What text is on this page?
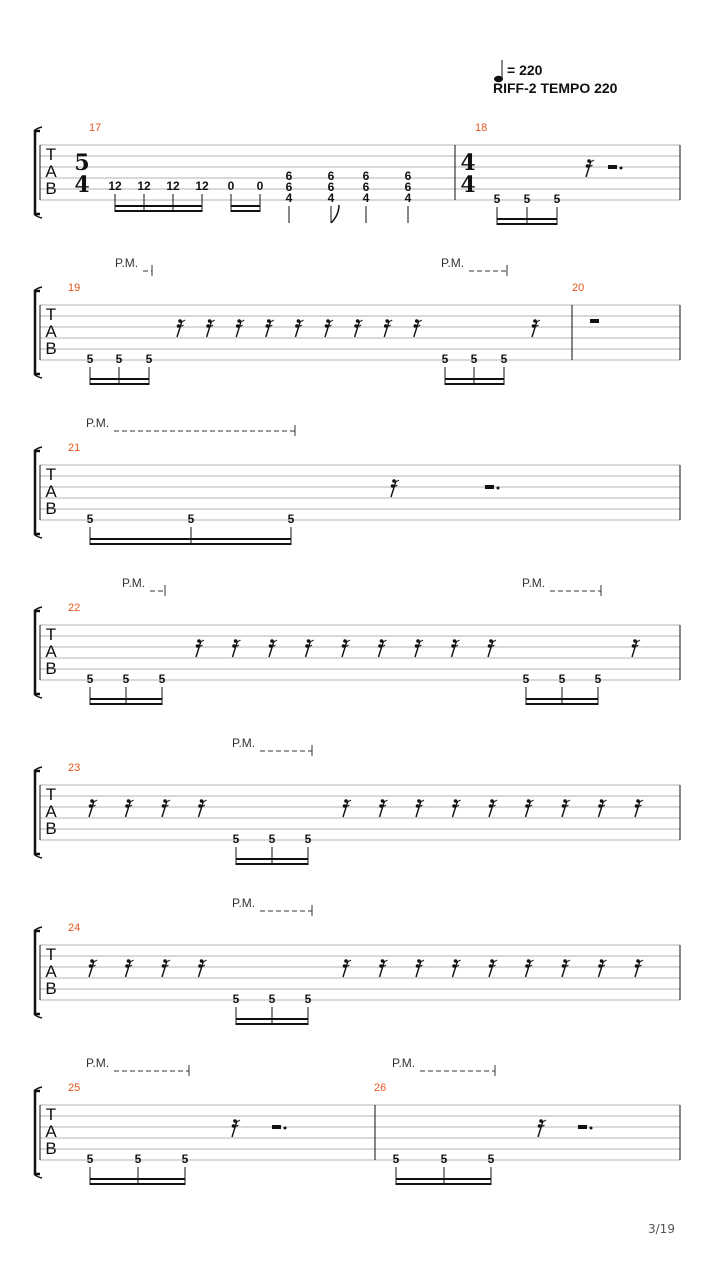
T
A
B
17	18
5
4
4
4
12 12 12 12 0 0
6
6
4
6
6
4
6
6
4
6
6
4	5 5 5
T
A
B
19	20
P.M.	P.M.
5 5 5	5 5 5
T
A
B
21
P.M.
5	5	5
T
A
B
22
P.M.	P.M.
5 5 5	5 5 5
T
A
B
23
P.M.
5 5 5
T
A
B
24
P.M.
5 5 5
T
A
B
25	26
P.M.	P.M.
5	5	5	5	5	5
= 220
RIFF-2 TEMPO 220
3/19
